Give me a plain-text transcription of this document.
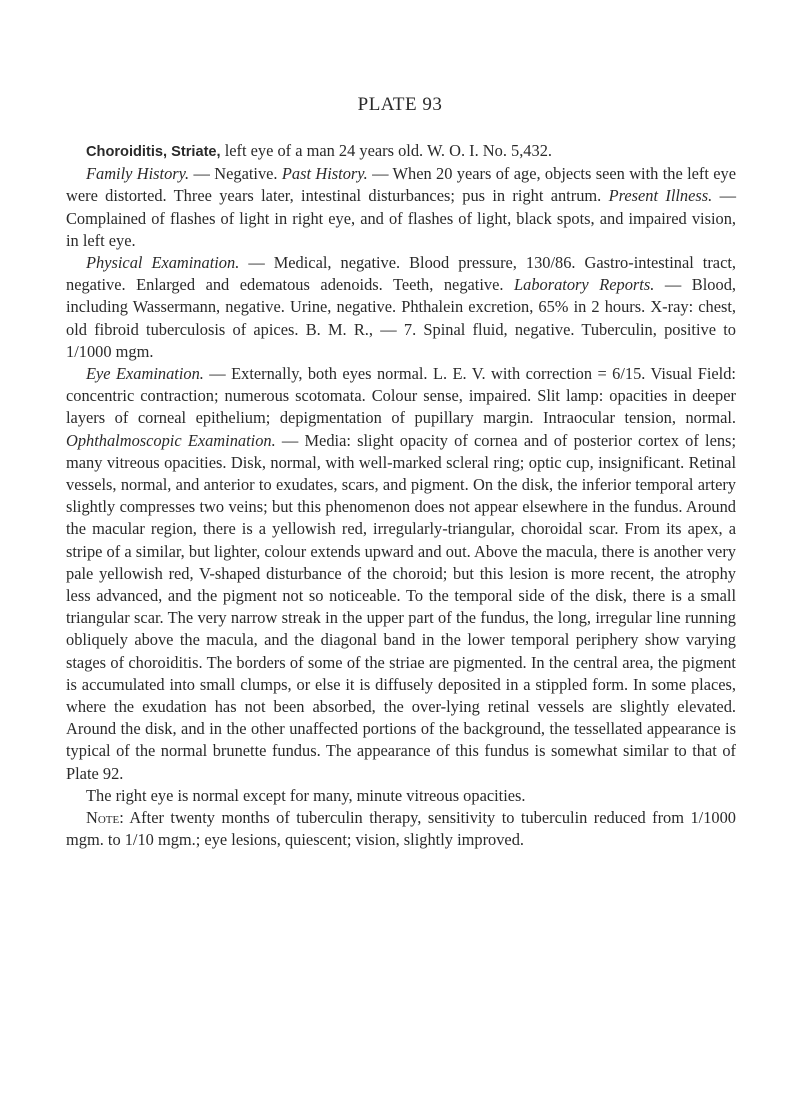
PLATE 93

Choroiditis, Striate, left eye of a man 24 years old. W. O. I. No. 5,432.

Family History. — Negative. Past History. — When 20 years of age, objects seen with the left eye were distorted. Three years later, intestinal disturbances; pus in right antrum. Present Illness. — Complained of flashes of light in right eye, and of flashes of light, black spots, and impaired vision, in left eye.

Physical Examination. — Medical, negative. Blood pressure, 130/86. Gastro-intestinal tract, negative. Enlarged and edematous adenoids. Teeth, negative. Laboratory Reports. — Blood, including Wassermann, negative. Urine, negative. Phthalein excretion, 65% in 2 hours. X-ray: chest, old fibroid tuberculosis of apices. B. M. R., — 7. Spinal fluid, negative. Tuberculin, positive to 1/1000 mgm.

Eye Examination. — Externally, both eyes normal. L. E. V. with correction = 6/15. Visual Field: concentric contraction; numerous scotomata. Colour sense, impaired. Slit lamp: opacities in deeper layers of corneal epithelium; depigmentation of pupillary margin. Intraocular tension, normal. Ophthalmoscopic Examination. — Media: slight opacity of cornea and of posterior cortex of lens; many vitreous opacities. Disk, normal, with well-marked scleral ring; optic cup, insignificant. Retinal vessels, normal, and anterior to exudates, scars, and pigment. On the disk, the inferior temporal artery slightly compresses two veins; but this phenomenon does not appear elsewhere in the fundus. Around the macular region, there is a yellowish red, irregularly-triangular, choroidal scar. From its apex, a stripe of a similar, but lighter, colour extends upward and out. Above the macula, there is another very pale yellowish red, V-shaped disturbance of the choroid; but this lesion is more recent, the atrophy less advanced, and the pigment not so noticeable. To the temporal side of the disk, there is a small triangular scar. The very narrow streak in the upper part of the fundus, the long, irregular line running obliquely above the macula, and the diagonal band in the lower temporal periphery show varying stages of choroiditis. The borders of some of the striae are pigmented. In the central area, the pigment is accumulated into small clumps, or else it is diffusely deposited in a stippled form. In some places, where the exudation has not been absorbed, the over-lying retinal vessels are slightly elevated. Around the disk, and in the other unaffected portions of the background, the tessellated appearance is typical of the normal brunette fundus. The appearance of this fundus is somewhat similar to that of Plate 92.

The right eye is normal except for many, minute vitreous opacities.

Note: After twenty months of tuberculin therapy, sensitivity to tuberculin reduced from 1/1000 mgm. to 1/10 mgm.; eye lesions, quiescent; vision, slightly improved.
